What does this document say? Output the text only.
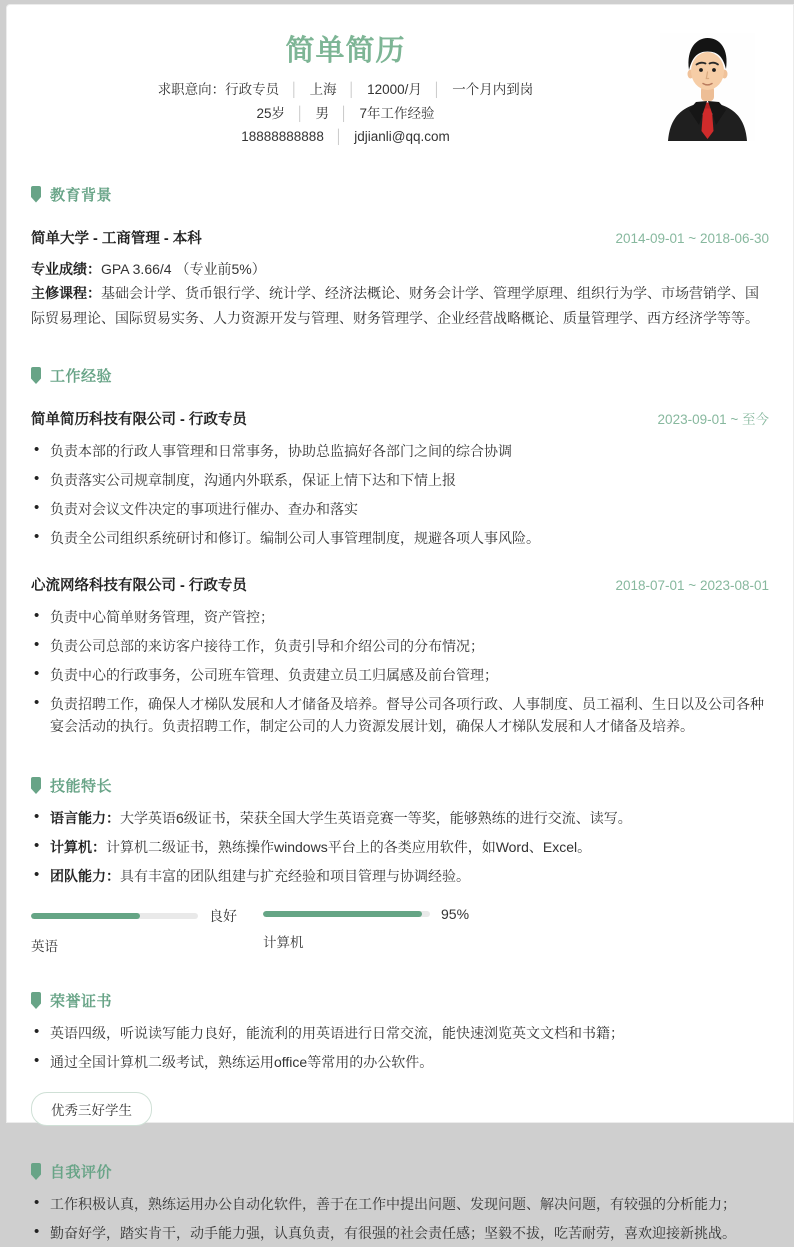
简单简历
求职意向：行政专员 │ 上海 │ 12000/月 │ 一个月内到岗
25岁 │ 男 │ 7年工作经验
18888888888 │ jdjianli@qq.com
教育背景
简单大学 - 工商管理 - 本科	2014-09-01 ~ 2018-06-30
专业成绩：GPA 3.66/4 （专业前5%）
主修课程：基础会计学、货币银行学、统计学、经济法概论、财务会计学、管理学原理、组织行为学、市场营销学、国际贸易理论、国际贸易实务、人力资源开发与管理、财务管理学、企业经营战略概论、质量管理学、西方经济学等等。
工作经验
简单简历科技有限公司 - 行政专员	2023-09-01 ~ 至今
• 负责本部的行政人事管理和日常事务，协助总监搞好各部门之间的综合协调
• 负责落实公司规章制度，沟通内外联系，保证上情下达和下情上报
• 负责对会议文件决定的事项进行催办、查办和落实
• 负责全公司组织系统研讨和修订。编制公司人事管理制度，规避各项人事风险。
心流网络科技有限公司 - 行政专员	2018-07-01 ~ 2023-08-01
• 负责中心简单财务管理，资产管控；
• 负责公司总部的来访客户接待工作，负责引导和介绍公司的分布情况；
• 负责中心的行政事务，公司班车管理、负责建立员工归属感及前台管理；
• 负责招聘工作，确保人才梯队发展和人才储备及培养。督导公司各项行政、人事制度、员工福利、生日以及公司各种宴会活动的执行。负责招聘工作，制定公司的人力资源发展计划，确保人才梯队发展和人才储备及培养。
技能特长
• 语言能力：大学英语6级证书，荣获全国大学生英语竞赛一等奖，能够熟练的进行交流、读写。
• 计算机：计算机二级证书，熟练操作windows平台上的各类应用软件，如Word、Excel。
• 团队能力：具有丰富的团队组建与扩充经验和项目管理与协调经验。
良好
英语
95%
计算机
荣誉证书
• 英语四级，听说读写能力良好，能流利的用英语进行日常交流，能快速浏览英文文档和书籍；
• 通过全国计算机二级考试，熟练运用office等常用的办公软件。
优秀三好学生
自我评价
• 工作积极认真，熟练运用办公自动化软件，善于在工作中提出问题、发现问题、解决问题，有较强的分析能力；
• 勤奋好学，踏实肯干，动手能力强，认真负责，有很强的社会责任感；坚毅不拔，吃苦耐劳，喜欢迎接新挑战。
